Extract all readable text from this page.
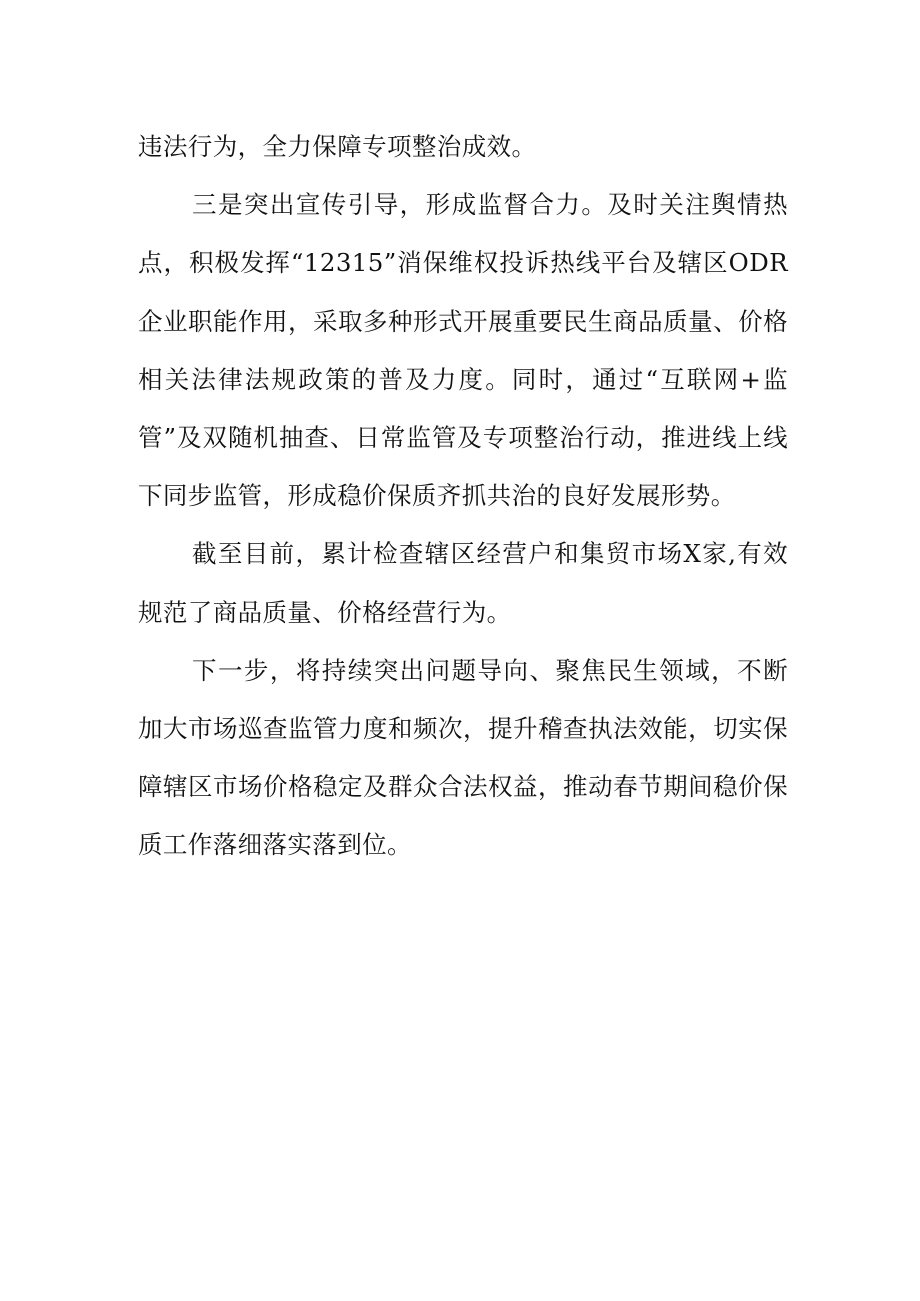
违法行为，全力保障专项整治成效。

三是突出宣传引导，形成监督合力。及时关注舆情热点，积极发挥“12315”消保维权投诉热线平台及辖区ODR企业职能作用，采取多种形式开展重要民生商品质量、价格相关法律法规政策的普及力度。同时，通过“互联网+监管”及双随机抽查、日常监管及专项整治行动，推进线上线下同步监管，形成稳价保质齐抓共治的良好发展形势。

截至目前，累计检查辖区经营户和集贸市场X家,有效规范了商品质量、价格经营行为。

下一步，将持续突出问题导向、聚焦民生领域，不断加大市场巡查监管力度和频次，提升稽查执法效能，切实保障辖区市场价格稳定及群众合法权益，推动春节期间稳价保质工作落细落实落到位。
